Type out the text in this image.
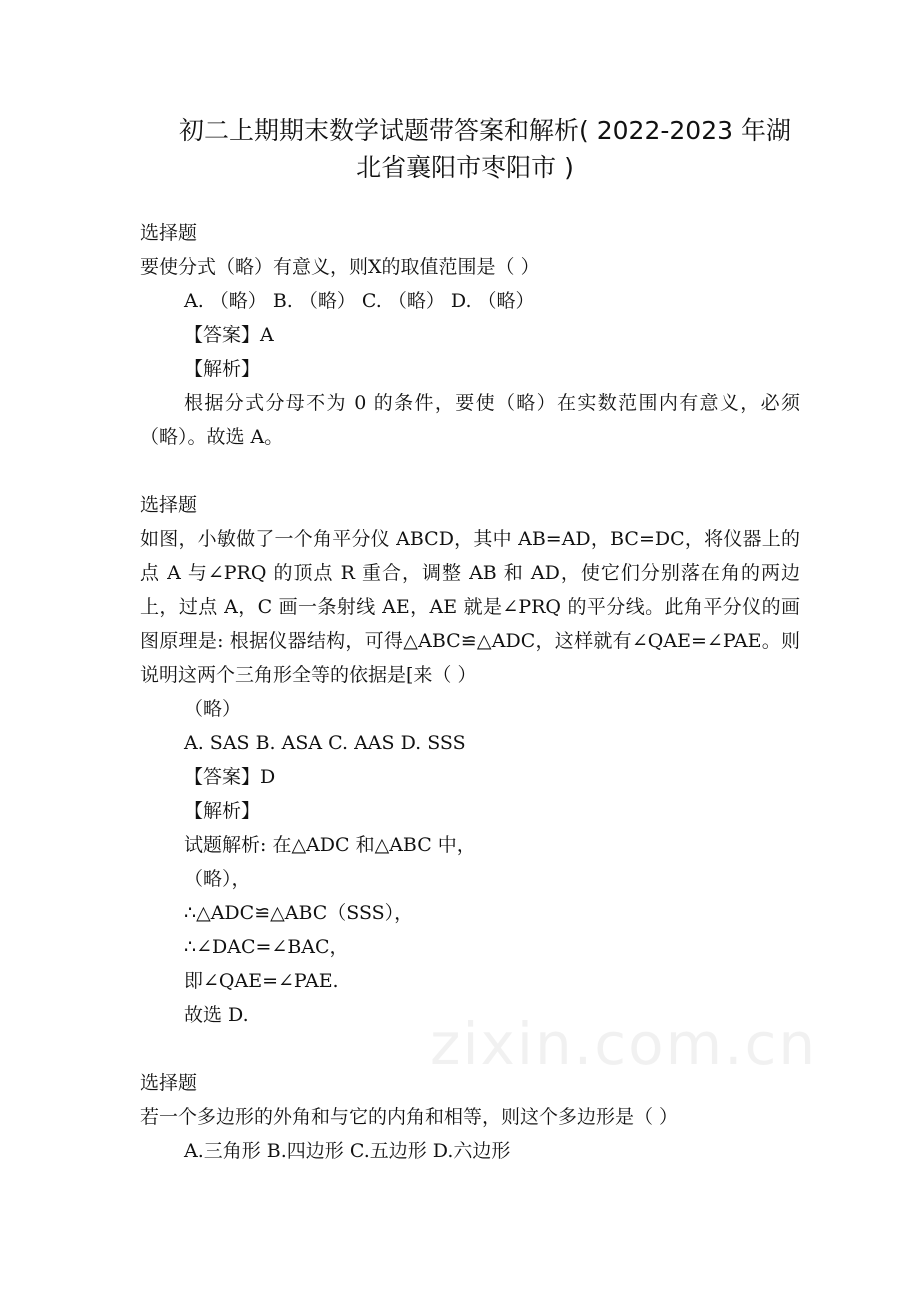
初二上期期末数学试题带答案和解析( 2022-2023 年湖
北省襄阳市枣阳市 )
选择题
要使分式（略）有意义，则X的取值范围是（ ）
A. （略） B. （略） C. （略） D. （略）
【答案】A
【解析】
根据分式分母不为 0 的条件，要使（略）在实数范围内有意义，必须（略）。故选 A。
选择题
如图，小敏做了一个角平分仪 ABCD，其中 AB=AD，BC=DC，将仪器上的点 A 与∠PRQ 的顶点 R 重合，调整 AB 和 AD，使它们分别落在角的两边上，过点 A，C 画一条射线 AE，AE 就是∠PRQ 的平分线。此角平分仪的画图原理是: 根据仪器结构，可得△ABC≌△ADC，这样就有∠QAE=∠PAE。则说明这两个三角形全等的依据是[来（ ）
（略）
A. SAS B. ASA C. AAS D. SSS
【答案】D
【解析】
试题解析: 在△ADC 和△ABC 中，
（略），
∴△ADC≌△ABC（SSS），
∴∠DAC=∠BAC，
即∠QAE=∠PAE.
故选 D.
选择题
若一个多边形的外角和与它的内角和相等，则这个多边形是（ ）
A.三角形 B.四边形 C.五边形 D.六边形
zixin.com.cn
